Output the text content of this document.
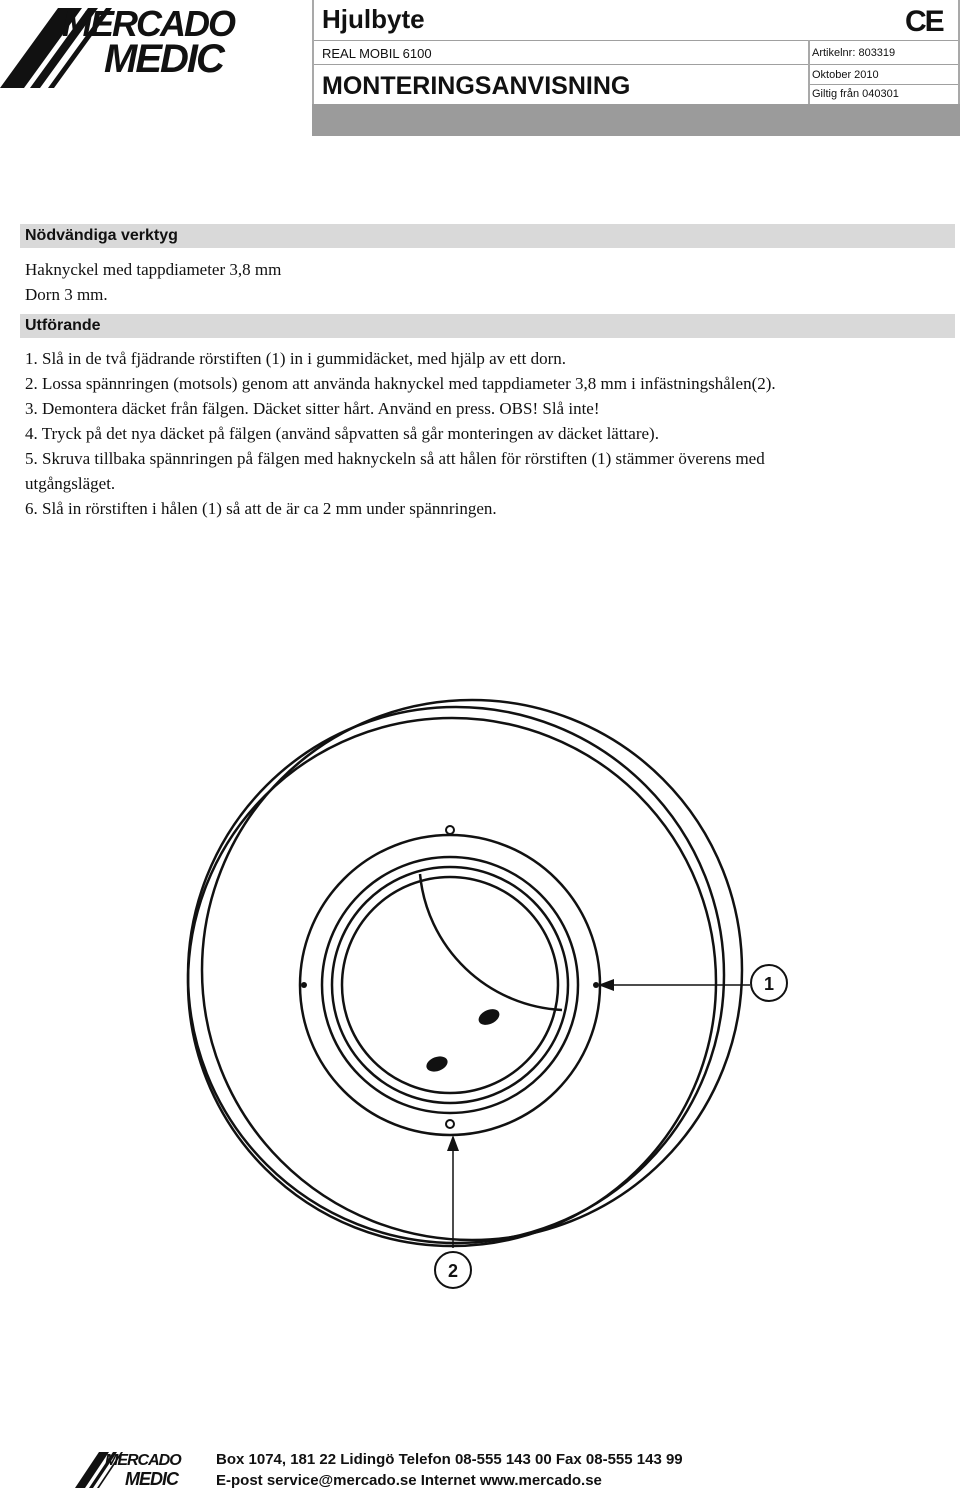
MERCADO
MEDIC
Hjulbyte	CE
REAL MOBIL 6100
MONTERINGSANVISNING
Artikelnr: 803319
Oktober 2010
Giltig från 040301
Nödvändiga verktyg
Haknyckel med tappdiameter 3,8 mm
Dorn 3 mm.
Utförande
1. Slå in de två fjädrande rörstiften (1) in i gummidäcket, med hjälp av ett dorn.
2. Lossa spännringen (motsols) genom att använda haknyckel med tappdiameter 3,8 mm i infästningshålen(2).
3. Demontera däcket från fälgen. Däcket sitter hårt. Använd en press. OBS! Slå inte!
4. Tryck på det nya däcket på fälgen (använd såpvatten så går monteringen av däcket lättare).
5. Skruva tillbaka spännringen på fälgen med haknyckeln så att hålen för rörstiften (1) stämmer överens med
utgångsläget.
6. Slå in rörstiften i hålen (1) så att de är ca 2 mm under spännringen.
1
2
MERCADO
MEDIC
Box 1074, 181 22 Lidingö Telefon 08-555 143 00 Fax 08-555 143 99
E-post service@mercado.se Internet www.mercado.se
